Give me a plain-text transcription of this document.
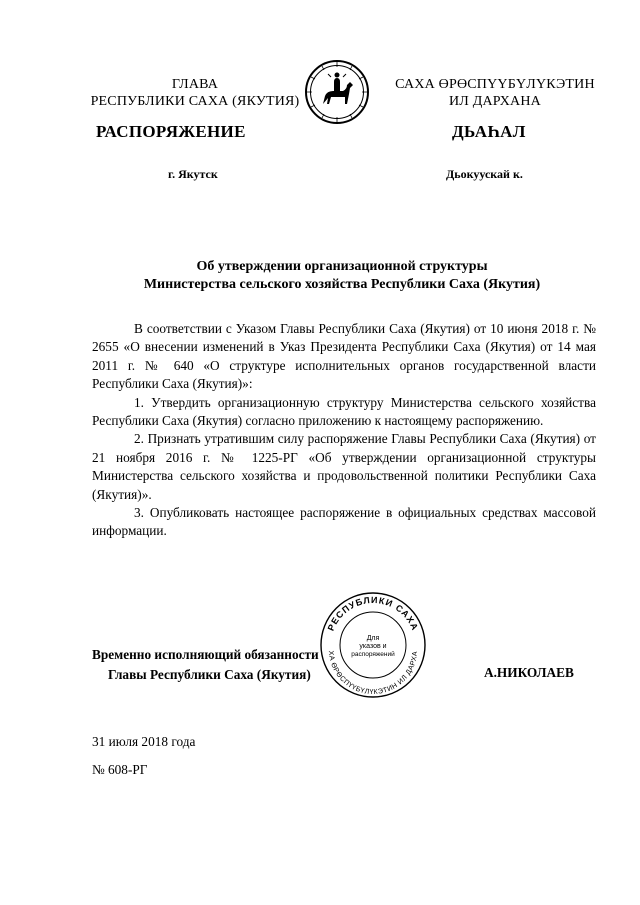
ГЛАВА
РЕСПУБЛИКИ САХА (ЯКУТИЯ)
САХА ӨРӨСПҮҮБҮЛҮКЭТИН
ИЛ ДАРХАНА
РАСПОРЯЖЕНИЕ	ДЬАҺАЛ
г. Якутск	Дьокуускай к.
Об утверждении организационной структуры
Министерства сельского хозяйства Республики Саха (Якутия)

В соответствии с Указом Главы Республики Саха (Якутия) от 10 июня 2018 г. № 2655 «О внесении изменений в Указ Президента Республики Саха (Якутия) от 14 мая 2011 г. № 640 «О структуре исполнительных органов государственной власти Республики Саха (Якутия)»:

1. Утвердить организационную структуру Министерства сельского хозяйства Республики Саха (Якутия) согласно приложению к настоящему распоряжению.

2. Признать утратившим силу распоряжение Главы Республики Саха (Якутия) от 21 ноября 2016 г. № 1225-РГ «Об утверждении организационной структуры Министерства сельского хозяйства и продовольственной политики Республики Саха (Якутия)».

3. Опубликовать настоящее распоряжение в официальных средствах массовой информации.

Временно исполняющий обязанности
Главы Республики Саха (Якутия)
РЕСПУБЛИКИ САХА
ХА ӨРӨСПҮҮБҮЛҮКЭТИН ИЛ ДАРХА
Для
указов и
распоряжений
А.НИКОЛАЕВ
31 июля 2018 года
№ 608-РГ
